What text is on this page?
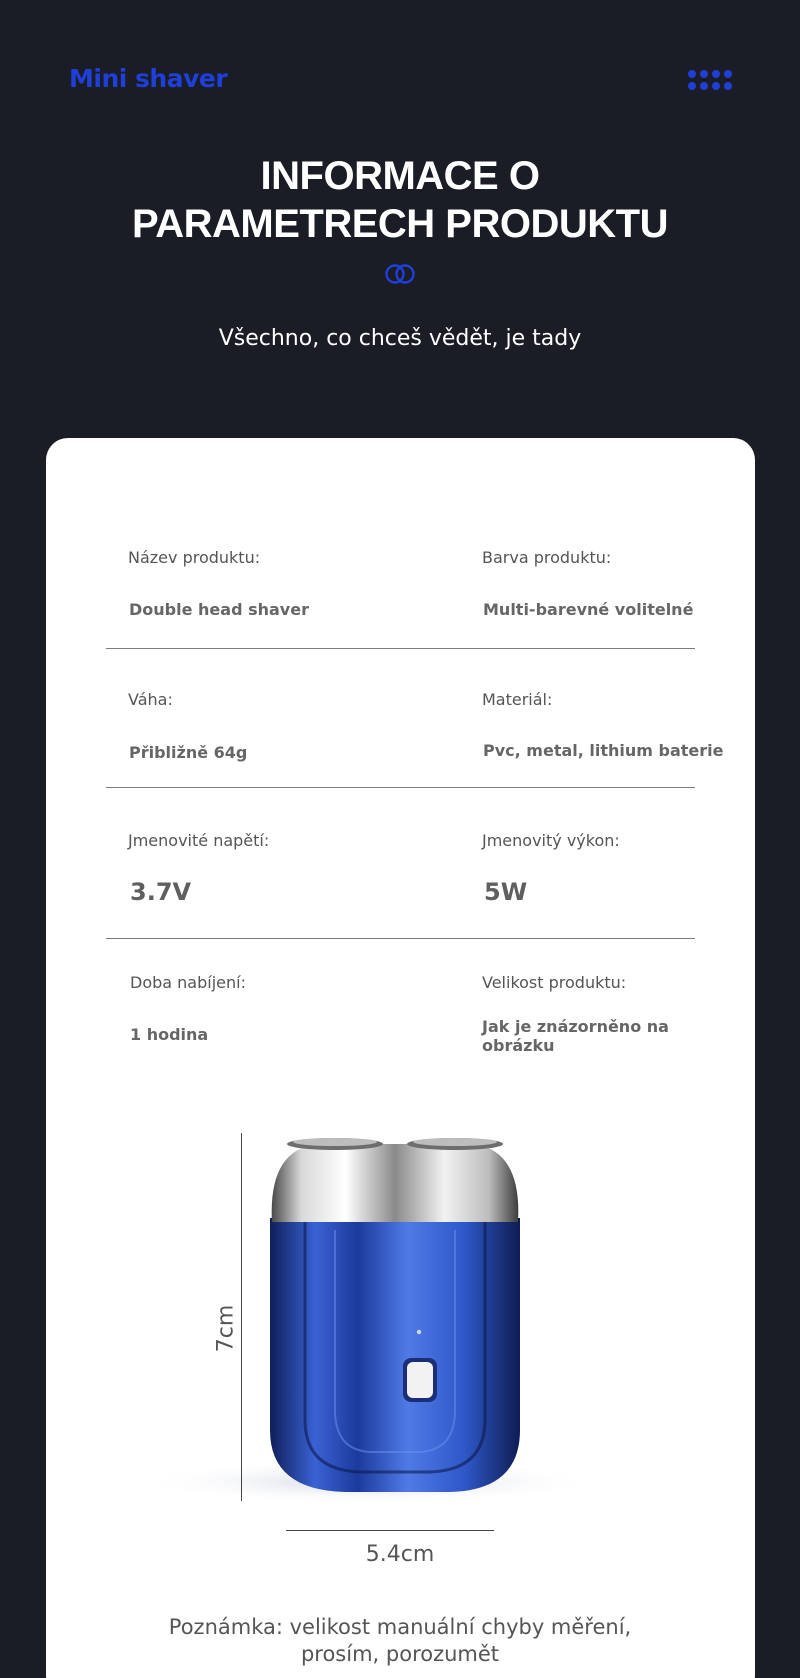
Mini shaver
INFORMACE O
PARAMETRECH PRODUKTU
Všechno, co chceš vědět, je tady
Název produktu:
Double head shaver
Barva produktu:
Multi-barevné volitelné
Váha:
Přibližně 64g
Materiál:
Pvc, metal, lithium baterie
Jmenovité napětí:
3.7V
Jmenovitý výkon:
5W
Doba nabíjení:
1 hodina
Velikost produktu:
Jak je znázorněno na obrázku
7cm
5.4cm
Poznámka: velikost manuální chyby měření,
prosím, porozumět
